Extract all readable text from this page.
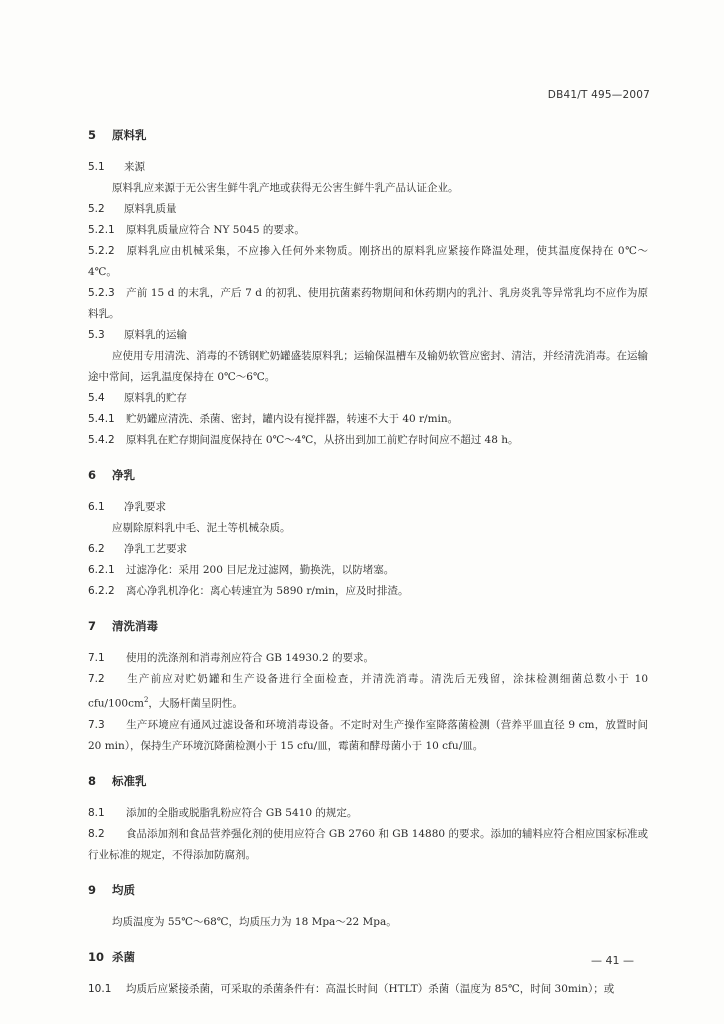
DB41/T 495—2007

5 原料乳

5.1 来源

原料乳应来源于无公害生鲜牛乳产地或获得无公害生鲜牛乳产品认证企业。

5.2 原料乳质量

5.2.1 原料乳质量应符合 NY 5045 的要求。

5.2.2 原料乳应由机械采集，不应掺入任何外来物质。刚挤出的原料乳应紧接作降温处理，使其温度保持在 0℃～4℃。

5.2.3 产前 15 d 的末乳，产后 7 d 的初乳、使用抗菌素药物期间和休药期内的乳汁、乳房炎乳等异常乳均不应作为原料乳。

5.3 原料乳的运输

应使用专用清洗、消毒的不锈钢贮奶罐盛装原料乳；运输保温槽车及输奶软管应密封、清洁，并经清洗消毒。在运输途中常间，运乳温度保持在 0℃～6℃。

5.4 原料乳的贮存

5.4.1 贮奶罐应清洗、杀菌、密封，罐内设有搅拌器，转速不大于 40 r/min。

5.4.2 原料乳在贮存期间温度保持在 0℃～4℃，从挤出到加工前贮存时间应不超过 48 h。

6 净乳

6.1 净乳要求

应剔除原料乳中毛、泥土等机械杂质。

6.2 净乳工艺要求

6.2.1 过滤净化：采用 200 目尼龙过滤网，勤换洗，以防堵塞。

6.2.2 离心净乳机净化：离心转速宜为 5890 r/min，应及时排渣。

7 清洗消毒

7.1 使用的洗涤剂和消毒剂应符合 GB 14930.2 的要求。

7.2 生产前应对贮奶罐和生产设备进行全面检查，并清洗消毒。清洗后无残留，涂抹检测细菌总数小于 10 cfu/$100cm^2$，大肠杆菌呈阴性。

7.3 生产环境应有通风过滤设备和环境消毒设备。不定时对生产操作室降落菌检测（营养平皿直径 9 cm，放置时间 20 min），保持生产环境沉降菌检测小于 15 cfu/皿，霉菌和酵母菌小于 10 cfu/皿。

8 标准乳

8.1 添加的全脂或脱脂乳粉应符合 GB 5410 的规定。

8.2 食品添加剂和食品营养强化剂的使用应符合 GB 2760 和 GB 14880 的要求。添加的辅料应符合相应国家标准或行业标准的规定，不得添加防腐剂。

9 均质

均质温度为 55℃～68℃，均质压力为 18 Mpa～22 Mpa。

10 杀菌

10.1 均质后应紧接杀菌，可采取的杀菌条件有：高温长时间（HTLT）杀菌（温度为 85℃，时间 30min）；或

— 41 —
